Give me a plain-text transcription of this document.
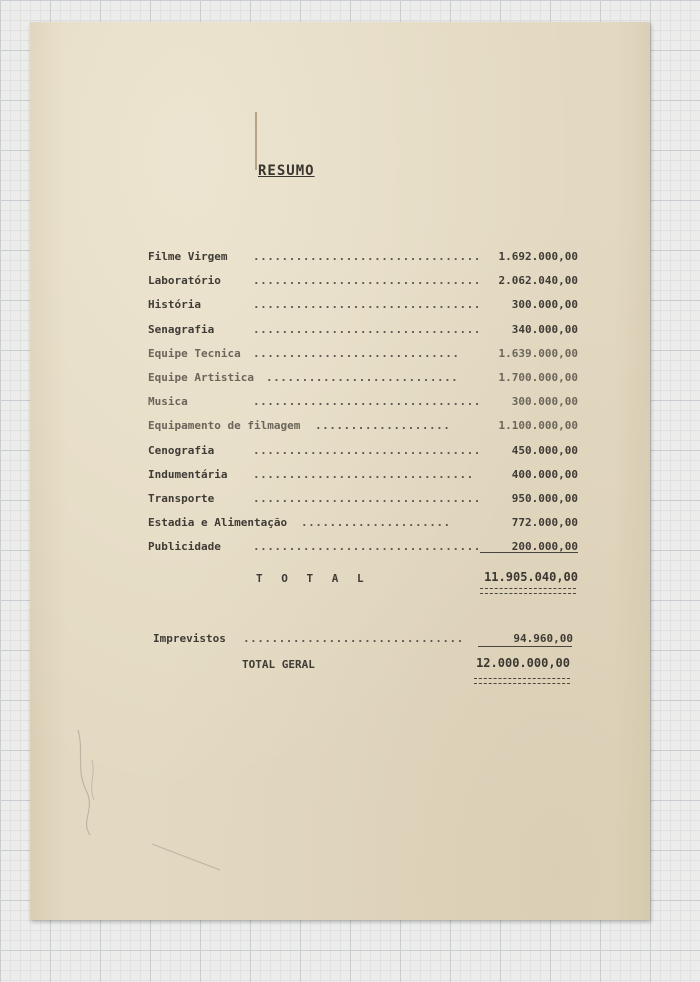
RESUMO
Filme Virgem ................................ 1.692.000,00
Laboratório	................................ 2.062.040,00
História	................................	300.000,00
Senagrafia	................................	340.000,00
Equipe Tecnica .............................	1.639.000,00
Equipe Artistica ...........................	1.700.000,00
Musica	................................	300.000,00
Equipamento de filmagem ...................	1.100.000,00
Cenografia	................................	450.000,00
Indumentária ...............................	400.000,00
Transporte	................................	950.000,00
Estadia e Alimentação .....................	772.000,00
Publicidade	................................	200.000,00
T O T A L	11.905.040,00
Imprevistos ...............................	94.960,00
TOTAL GERAL	12.000.000,00
